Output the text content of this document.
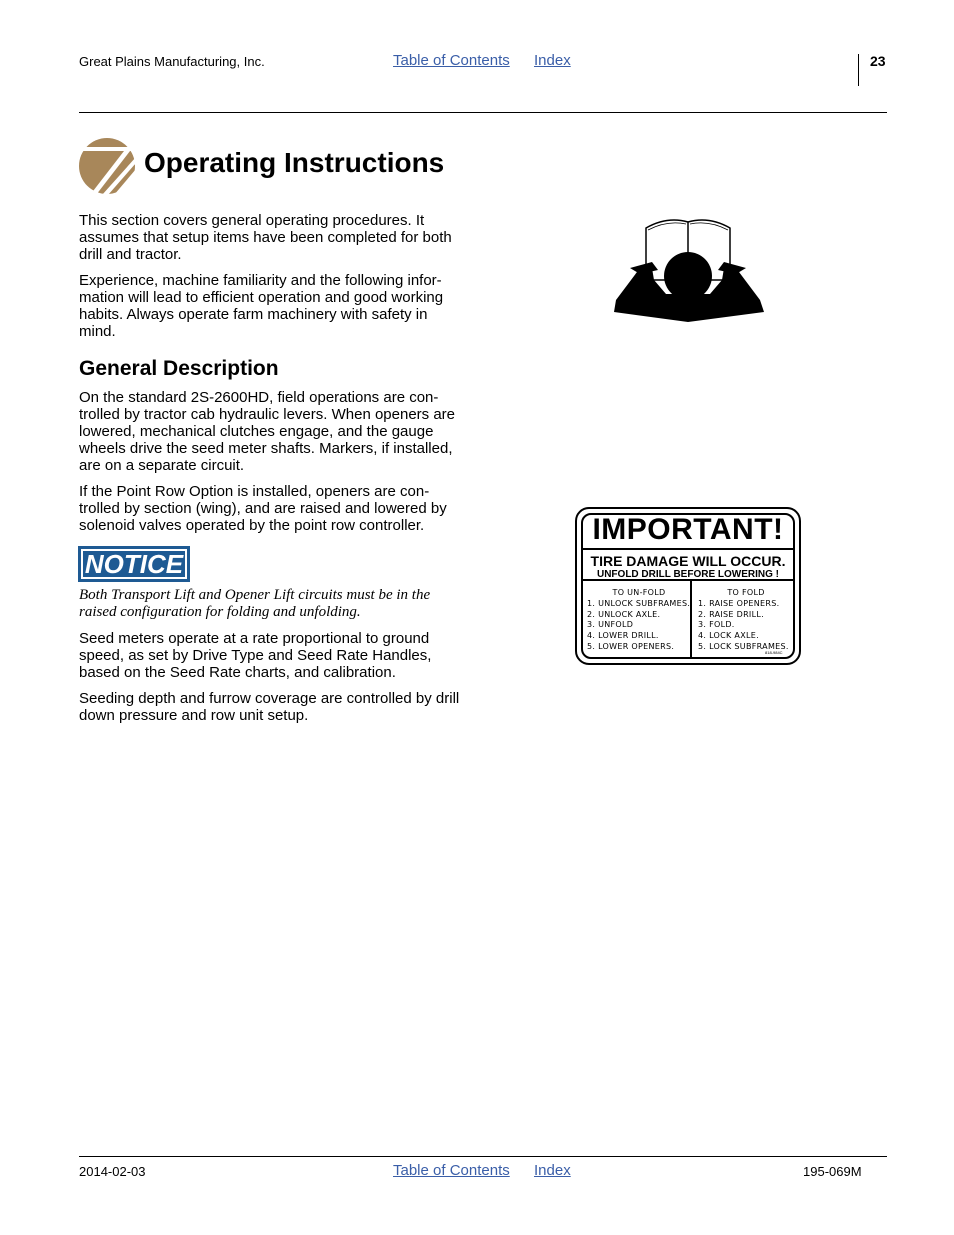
Great Plains Manufacturing, Inc.	Table of Contents Index	23
Operating Instructions
This section covers general operating procedures. It
assumes that setup items have been completed for both
drill and tractor.
Experience, machine familiarity and the following infor-
mation will lead to efficient operation and good working
habits. Always operate farm machinery with safety in
mind.
General Description
On the standard 2S-2600HD, field operations are con-
trolled by tractor cab hydraulic levers. When openers are
lowered, mechanical clutches engage, and the gauge
wheels drive the seed meter shafts. Markers, if installed,
are on a separate circuit.
If the Point Row Option is installed, openers are con-
trolled by section (wing), and are raised and lowered by
solenoid valves operated by the point row controller.
NOTICE
Both Transport Lift and Opener Lift circuits must be in the
raised configuration for folding and unfolding.
Seed meters operate at a rate proportional to ground
speed, as set by Drive Type and Seed Rate Handles,
based on the Seed Rate charts, and calibration.
Seeding depth and furrow coverage are controlled by drill
down pressure and row unit setup.
IMPORTANT!
TIRE DAMAGE WILL OCCUR.
UNFOLD DRILL BEFORE LOWERING !
TO UN-FOLD
1. UNLOCK SUBFRAMES.
2. UNLOCK AXLE.
3. UNFOLD
4. LOWER DRILL.
5. LOWER OPENERS.
TO FOLD
1. RAISE OPENERS.
2. RAISE DRILL.
3. FOLD.
4. LOCK AXLE.
5. LOCK SUBFRAMES.
818-984C
2014-02-03	Table of Contents Index	195-069M
